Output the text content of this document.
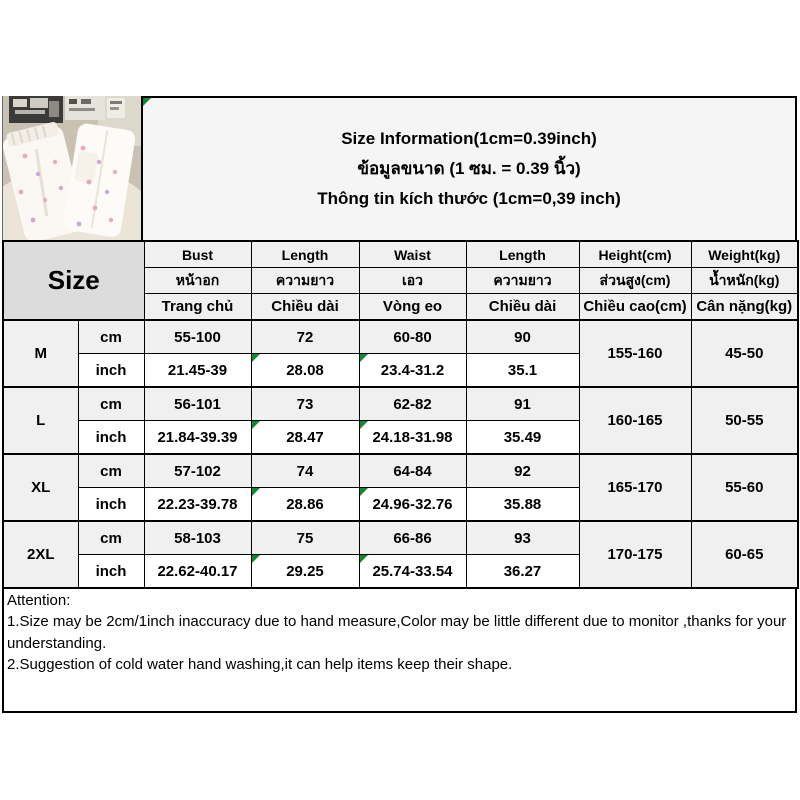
Size Information(1cm=0.39inch)
ข้อมูลขนาด (1 ซม. = 0.39 นิ้ว)
Thông tin kích thước (1cm=0,39 inch)
Size		Bust	Length	Waist	Length	Height(cm)	Weight(kg)
		หน้าอก	ความยาว	เอว	ความยาว	ส่วนสูง(cm)	น้ำหนัก(kg)
		Trang chủ	Chiều dài	Vòng eo	Chiều dài	Chiều cao(cm)	Cân nặng(kg)
M	cm	55-100	72	60-80	90	155-160	45-50
	inch	21.45-39	28.08	23.4-31.2	35.1		
L	cm	56-101	73	62-82	91	160-165	50-55
	inch	21.84-39.39	28.47	24.18-31.98	35.49		
XL	cm	57-102	74	64-84	92	165-170	55-60
	inch	22.23-39.78	28.86	24.96-32.76	35.88		
2XL	cm	58-103	75	66-86	93	170-175	60-65
	inch	22.62-40.17	29.25	25.74-33.54	36.27		

Attention:

1.Size may be 2cm/1inch inaccuracy due to hand measure,Color may be little different due to monitor ,thanks for your understanding.

2.Suggestion of cold water hand washing,it can help items keep their shape.
